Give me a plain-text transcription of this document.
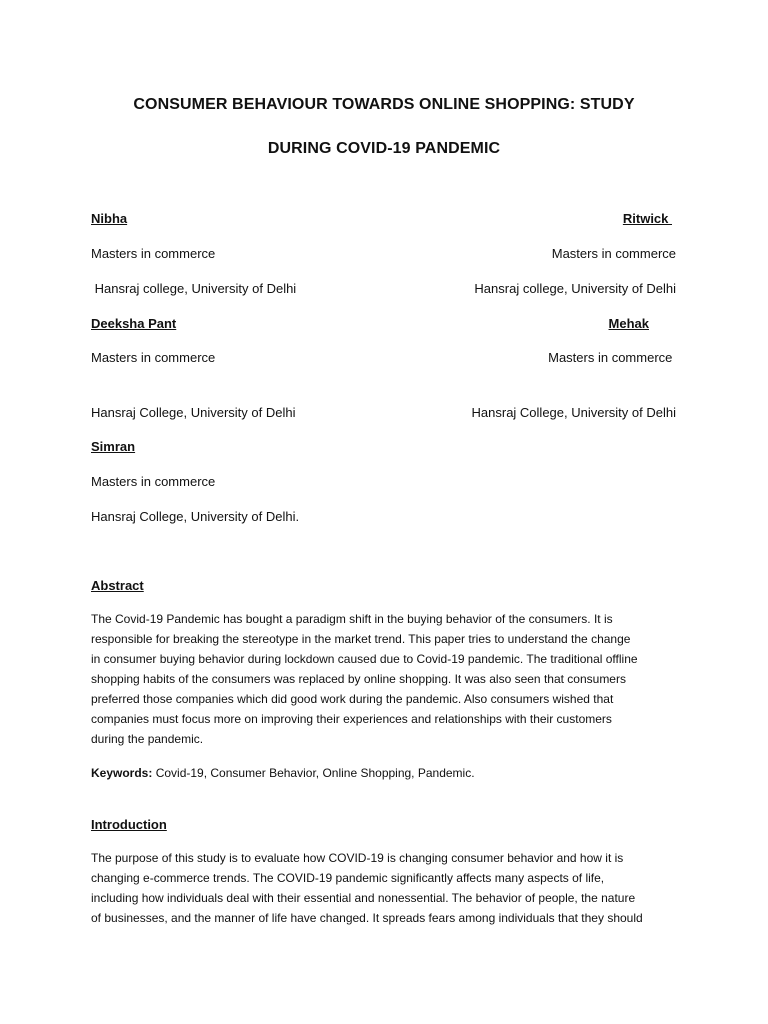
CONSUMER BEHAVIOUR TOWARDS ONLINE SHOPPING: STUDY
DURING COVID-19 PANDEMIC
Nibha	Ritwick
Masters in commerce	Masters in commerce
Hansraj college, University of Delhi	Hansraj college, University of Delhi
Deeksha Pant	Mehak
Masters in commerce	Masters in commerce
Hansraj College, University of Delhi	Hansraj College, University of Delhi
Simran
Masters in commerce
Hansraj College, University of Delhi.
Abstract
The Covid-19 Pandemic has bought a paradigm shift in the buying behavior of the consumers. It is
responsible for breaking the stereotype in the market trend. This paper tries to understand the change
in consumer buying behavior during lockdown caused due to Covid-19 pandemic. The traditional offline
shopping habits of the consumers was replaced by online shopping. It was also seen that consumers
preferred those companies which did good work during the pandemic. Also consumers wished that
companies must focus more on improving their experiences and relationships with their customers
during the pandemic.
Keywords: Covid-19, Consumer Behavior, Online Shopping, Pandemic.
Introduction
The purpose of this study is to evaluate how COVID-19 is changing consumer behavior and how it is
changing e-commerce trends. The COVID-19 pandemic significantly affects many aspects of life,
including how individuals deal with their essential and nonessential. The behavior of people, the nature
of businesses, and the manner of life have changed. It spreads fears among individuals that they should
